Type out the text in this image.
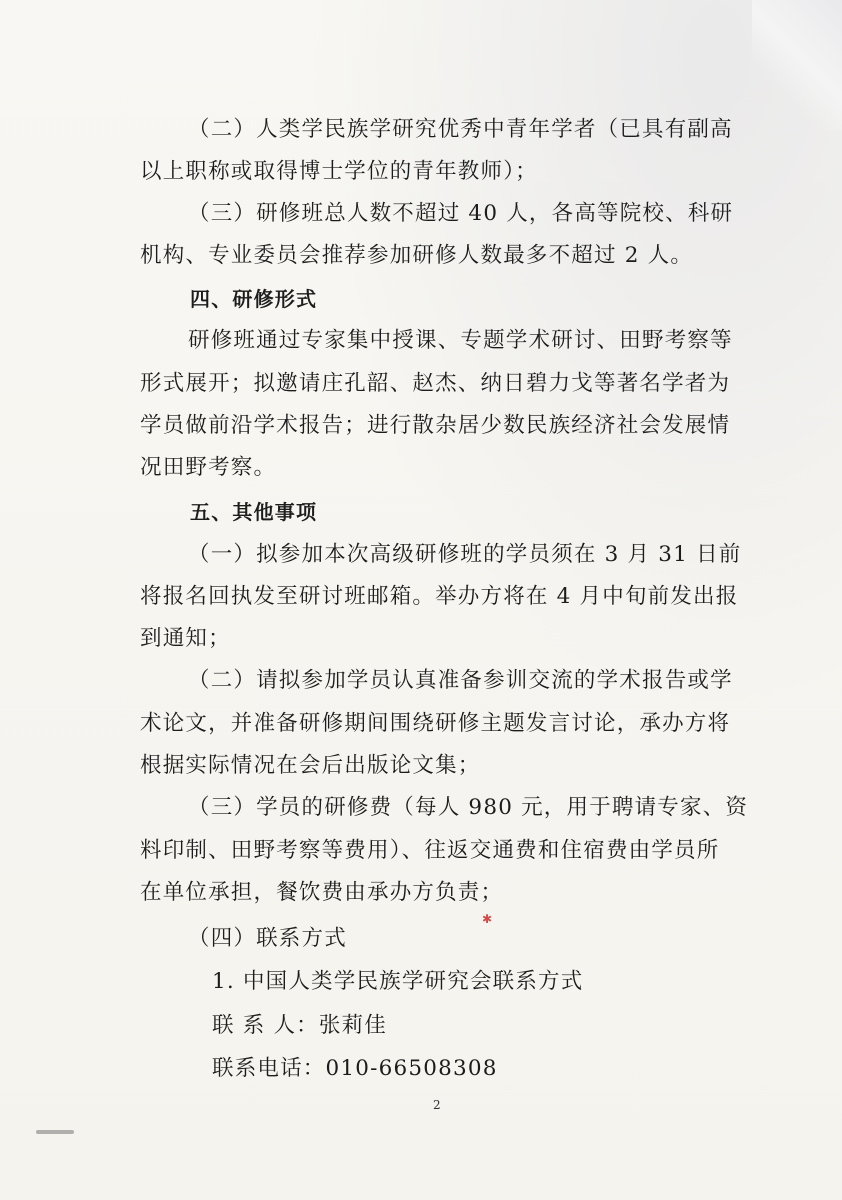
（二）人类学民族学研究优秀中青年学者（已具有副高
以上职称或取得博士学位的青年教师）；
（三）研修班总人数不超过 40 人，各高等院校、科研
机构、专业委员会推荐参加研修人数最多不超过 2 人。
四、研修形式
研修班通过专家集中授课、专题学术研讨、田野考察等
形式展开；拟邀请庄孔韶、赵杰、纳日碧力戈等著名学者为
学员做前沿学术报告；进行散杂居少数民族经济社会发展情
况田野考察。
五、其他事项
（一）拟参加本次高级研修班的学员须在 3 月 31 日前
将报名回执发至研讨班邮箱。举办方将在 4 月中旬前发出报
到通知；
（二）请拟参加学员认真准备参训交流的学术报告或学
术论文，并准备研修期间围绕研修主题发言讨论，承办方将
根据实际情况在会后出版论文集；
（三）学员的研修费（每人 980 元，用于聘请专家、资
料印制、田野考察等费用）、往返交通费和住宿费由学员所
在单位承担，餐饮费由承办方负责；
（四）联系方式
1. 中国人类学民族学研究会联系方式
联 系 人：张莉佳
联系电话：010-66508308
✱
2
